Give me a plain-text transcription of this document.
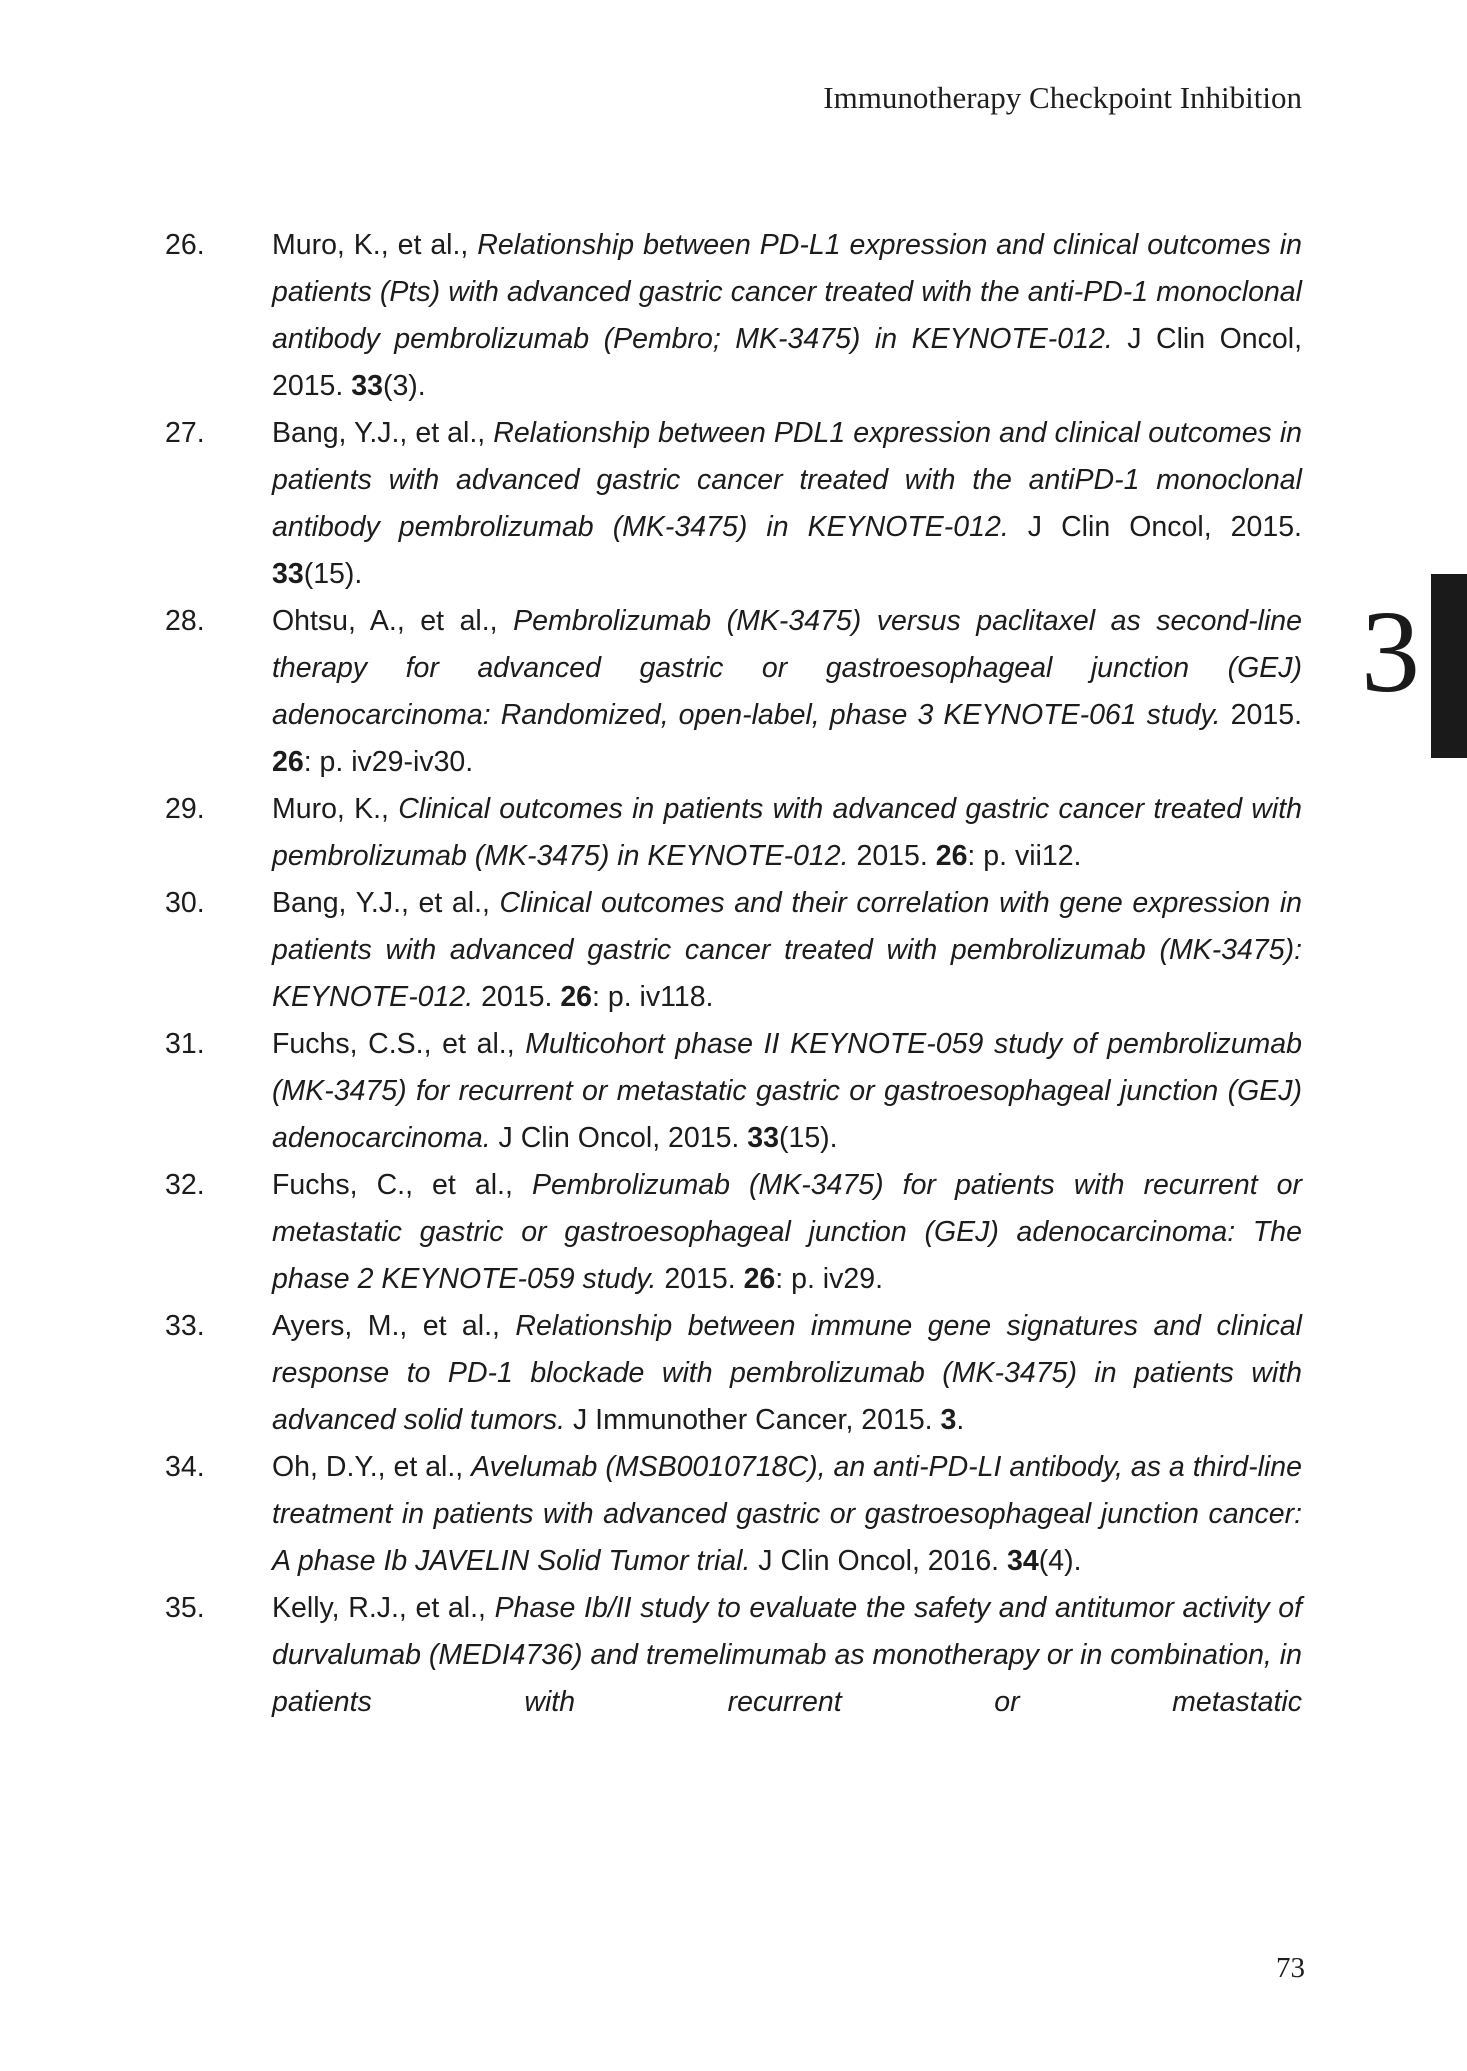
Immunotherapy Checkpoint Inhibition
26. Muro, K., et al., Relationship between PD-L1 expression and clinical outcomes in patients (Pts) with advanced gastric cancer treated with the anti-PD-1 monoclonal antibody pembrolizumab (Pembro; MK-3475) in KEYNOTE-012. J Clin Oncol, 2015. 33(3).
27. Bang, Y.J., et al., Relationship between PDL1 expression and clinical outcomes in patients with advanced gastric cancer treated with the antiPD-1 monoclonal antibody pembrolizumab (MK-3475) in KEYNOTE-012. J Clin Oncol, 2015. 33(15).
28. Ohtsu, A., et al., Pembrolizumab (MK-3475) versus paclitaxel as second-line therapy for advanced gastric or gastroesophageal junction (GEJ) adenocarcinoma: Randomized, open-label, phase 3 KEYNOTE-061 study. 2015. 26: p. iv29-iv30.
29. Muro, K., Clinical outcomes in patients with advanced gastric cancer treated with pembrolizumab (MK-3475) in KEYNOTE-012. 2015. 26: p. vii12.
30. Bang, Y.J., et al., Clinical outcomes and their correlation with gene expression in patients with advanced gastric cancer treated with pembrolizumab (MK-3475): KEYNOTE-012. 2015. 26: p. iv118.
31. Fuchs, C.S., et al., Multicohort phase II KEYNOTE-059 study of pembrolizumab (MK-3475) for recurrent or metastatic gastric or gastroesophageal junction (GEJ) adenocarcinoma. J Clin Oncol, 2015. 33(15).
32. Fuchs, C., et al., Pembrolizumab (MK-3475) for patients with recurrent or metastatic gastric or gastroesophageal junction (GEJ) adenocarcinoma: The phase 2 KEYNOTE-059 study. 2015. 26: p. iv29.
33. Ayers, M., et al., Relationship between immune gene signatures and clinical response to PD-1 blockade with pembrolizumab (MK-3475) in patients with advanced solid tumors. J Immunother Cancer, 2015. 3.
34. Oh, D.Y., et al., Avelumab (MSB0010718C), an anti-PD-LI antibody, as a third-line treatment in patients with advanced gastric or gastroesophageal junction cancer: A phase Ib JAVELIN Solid Tumor trial. J Clin Oncol, 2016. 34(4).
35. Kelly, R.J., et al., Phase Ib/II study to evaluate the safety and antitumor activity of durvalumab (MEDI4736) and tremelimumab as monotherapy or in combination, in patients with recurrent or metastatic
3
73
